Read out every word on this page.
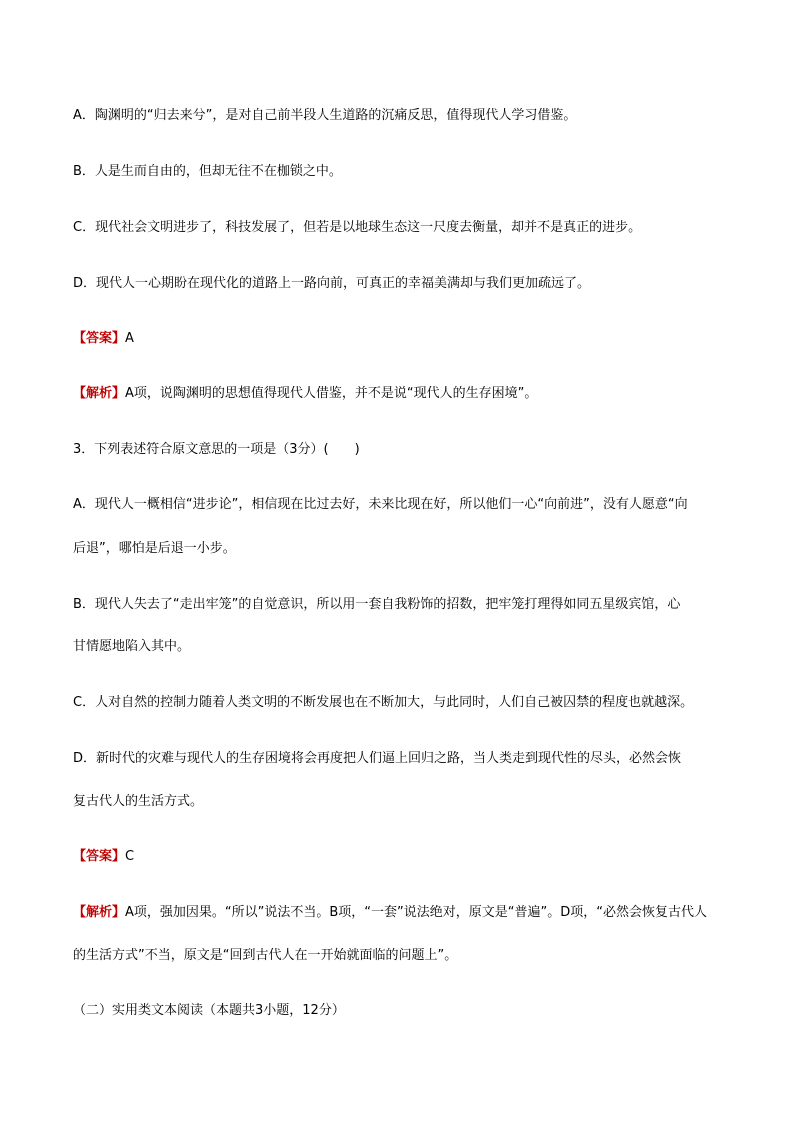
A．陶渊明的“归去来兮”，是对自己前半段人生道路的沉痛反思，值得现代人学习借鉴。
B．人是生而自由的，但却无往不在枷锁之中。
C．现代社会文明进步了，科技发展了，但若是以地球生态这一尺度去衡量，却并不是真正的进步。
D．现代人一心期盼在现代化的道路上一路向前，可真正的幸福美满却与我们更加疏远了。
【答案】A
【解析】A项，说陶渊明的思想值得现代人借鉴，并不是说“现代人的生存困境”。
3．下列表述符合原文意思的一项是（3分）(　　)
A．现代人一概相信“进步论”，相信现在比过去好，未来比现在好，所以他们一心“向前进”，没有人愿意“向
后退”，哪怕是后退一小步。
B．现代人失去了“走出牢笼”的自觉意识，所以用一套自我粉饰的招数，把牢笼打理得如同五星级宾馆，心
甘情愿地陷入其中。
C．人对自然的控制力随着人类文明的不断发展也在不断加大，与此同时，人们自己被囚禁的程度也就越深。
D．新时代的灾难与现代人的生存困境将会再度把人们逼上回归之路，当人类走到现代性的尽头，必然会恢
复古代人的生活方式。
【答案】C
【解析】A项，强加因果。“所以”说法不当。B项，“一套”说法绝对，原文是“普遍”。D项，“必然会恢复古代人
的生活方式”不当，原文是“回到古代人在一开始就面临的问题上”。
（二）实用类文本阅读（本题共3小题，12分）
